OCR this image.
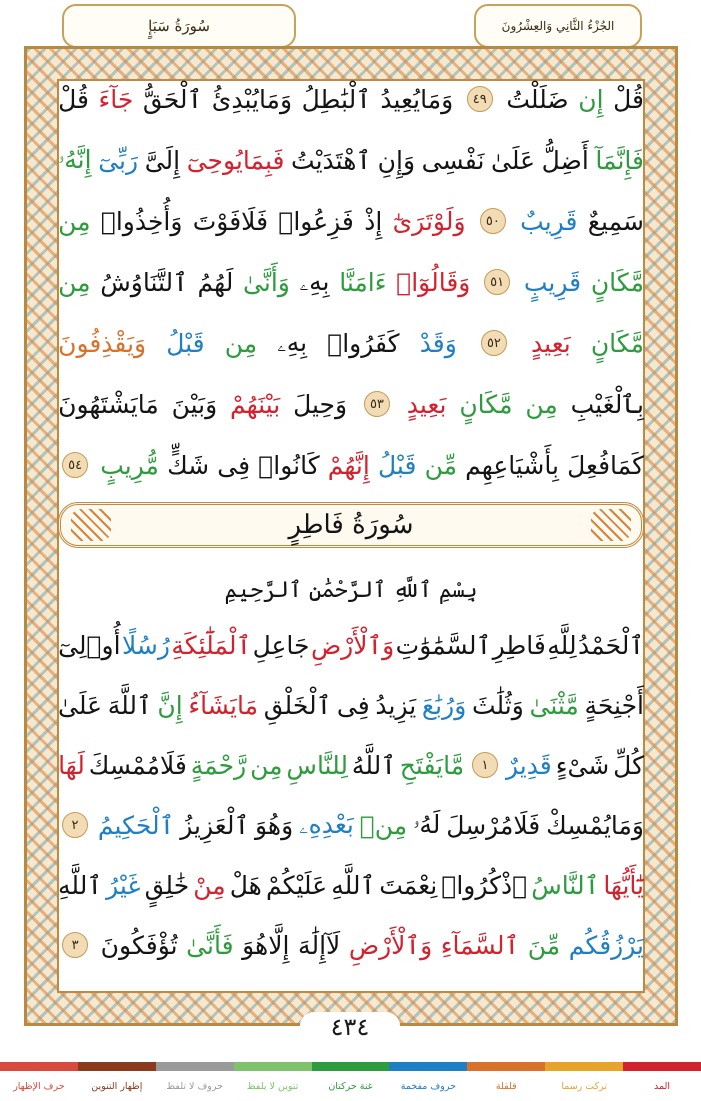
سُورَةُ سَبَإٍ	الجُزْءُ الثَّانِي وَالعِشْرُونَ
قُلْ
إِن
ضَلَلْتُ
٤٩
وَمَايُعِيدُ
ٱلْبَٰطِلُ
وَمَايُبْدِئُ
ٱلْحَقُّ
جَآءَ
قُلْ
فَإِنَّمَآ
أَضِلُّ
عَلَىٰ
نَفْسِى
وَإِنِ
ٱهْتَدَيْتُ
فَبِمَايُوحِىٓ
إِلَىَّ
رَبِّىٓ
إِنَّهُۥ
سَمِيعٌ
قَرِيبٌ
٥٠
وَلَوْتَرَىٰٓ
إِذْ
فَزِعُوا۟
فَلَافَوْتَ
وَأُخِذُوا۟
مِن
مَّكَانٍ
قَرِيبٍ
٥١
وَقَالُوٓا۟
ءَامَنَّا
بِهِۦ
وَأَنَّىٰ
لَهُمُ
ٱلتَّنَاوُشُ
مِن
مَّكَانٍ
بَعِيدٍ
٥٢
وَقَدْ
كَفَرُوا۟
بِهِۦ
مِن
قَبْلُ
وَيَقْذِفُونَ
بِٱلْغَيْبِ
مِن
مَّكَانٍ
بَعِيدٍ
٥٣
وَحِيلَ
بَيْنَهُمْ
وَبَيْنَ
مَايَشْتَهُونَ
كَمَافُعِلَ
بِأَشْيَاعِهِم
مِّن
قَبْلُ
إِنَّهُمْ
كَانُوا۟
فِى
شَكٍّ
مُّرِيبٍ
٥٤
سُورَةُ فَاطِرٍ
بِسْمِ ٱللَّهِ ٱلرَّحْمَٰنِ ٱلرَّحِيمِ
ٱلْحَمْدُ
لِلَّهِ
فَاطِرِ
ٱلسَّمَٰوَٰتِ
وَٱلْأَرْضِ
جَاعِلِ
ٱلْمَلَٰٓئِكَةِ
رُسُلًا
أُو۟لِىٓ
أَجْنِحَةٍ
مَّثْنَىٰ
وَثُلَٰثَ
وَرُبَٰعَ
يَزِيدُ
فِى
ٱلْخَلْقِ
مَايَشَآءُ
إِنَّ
ٱللَّهَ
عَلَىٰ
كُلِّ
شَىْءٍ
قَدِيرٌ
١
مَّايَفْتَحِ
ٱللَّهُ
لِلنَّاسِ
مِن
رَّحْمَةٍ
فَلَامُمْسِكَ
لَهَا
وَمَايُمْسِكْ
فَلَامُرْسِلَ
لَهُۥ
مِنۢ
بَعْدِهِۦ
وَهُوَ
ٱلْعَزِيزُ
ٱلْحَكِيمُ
٢
يَٰٓأَيُّهَا
ٱلنَّاسُ
ٱذْكُرُوا۟
نِعْمَتَ
ٱللَّهِ
عَلَيْكُمْ
هَلْ
مِنْ
خَٰلِقٍ
غَيْرُ
ٱللَّهِ
يَرْزُقُكُم
مِّنَ
ٱلسَّمَآءِ
وَٱلْأَرْضِ
لَآإِلَٰهَ
إِلَّاهُوَ
فَأَنَّىٰ
تُؤْفَكُونَ
٣
٤٣٤
المد
تركت رسما
قلقلة
حروف مفخمة
غنة حركتان
تنوين لا يلفظ
حروف لا تلفظ
إظهار التنوين
حرف الإظهار
